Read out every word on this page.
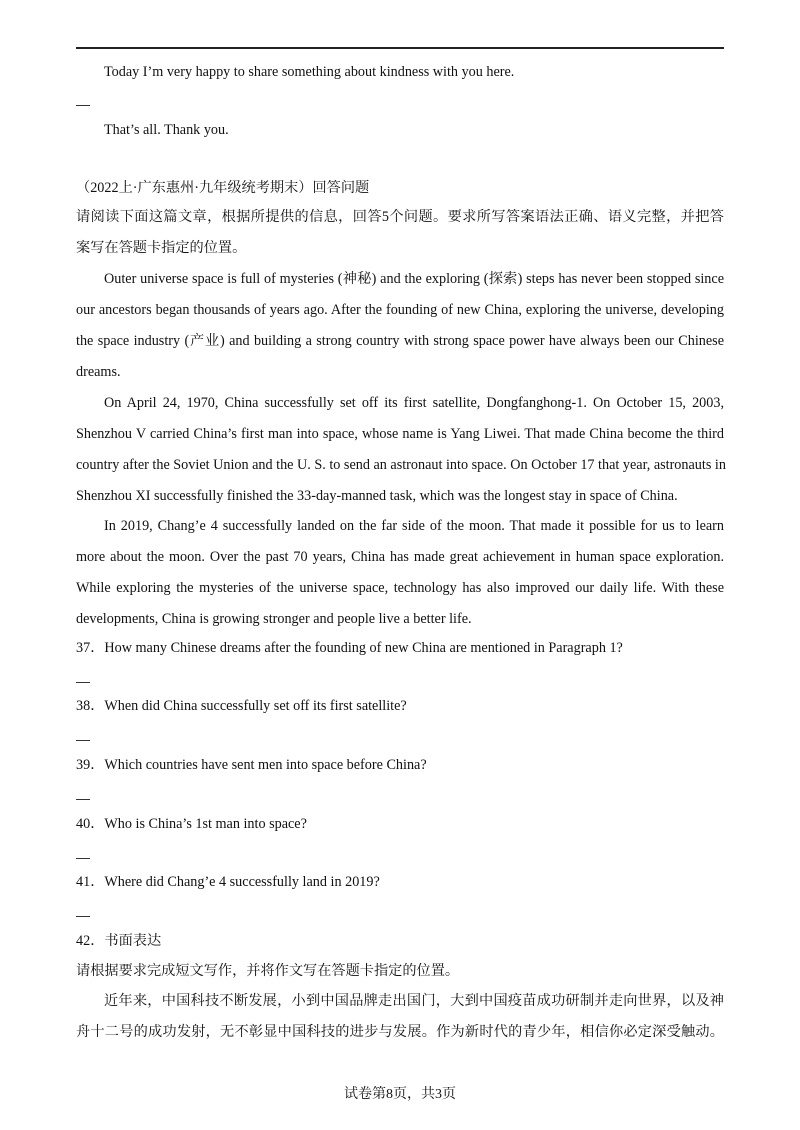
Today I’m very happy to share something about kindness with you here.
That’s all. Thank you.
（2022上·广东惠州·九年级统考期末）回答问题
请阅读下面这篇文章，根据所提供的信息，回答5个问题。要求所写答案语法正确、语义完整，并把答
案写在答题卡指定的位置。
Outer universe space is full of mysteries (神秘) and the exploring (探索) steps has never been stopped since
our ancestors began thousands of years ago. After the founding of new China, exploring the universe, developing
the space industry (产业) and building a strong country with strong space power have always been our Chinese
dreams.
On April 24, 1970, China successfully set off its first satellite, Dongfanghong-1. On October 15, 2003,
Shenzhou V carried China’s first man into space, whose name is Yang Liwei. That made China become the third
country after the Soviet Union and the U. S. to send an astronaut into space. On October 17 that year, astronauts in
Shenzhou XI successfully finished the 33-day-manned task, which was the longest stay in space of China.
In 2019, Chang’e 4 successfully landed on the far side of the moon. That made it possible for us to learn
more about the moon. Over the past 70 years, China has made great achievement in human space exploration.
While exploring the mysteries of the universe space, technology has also improved our daily life. With these
developments, China is growing stronger and people live a better life.
37．How many Chinese dreams after the founding of new China are mentioned in Paragraph 1?
38．When did China successfully set off its first satellite?
39．Which countries have sent men into space before China?
40．Who is China’s 1st man into space?
41．Where did Chang’e 4 successfully land in 2019?
42．书面表达
请根据要求完成短文写作，并将作文写在答题卡指定的位置。
近年来，中国科技不断发展，小到中国品牌走出国门，大到中国疫苗成功研制并走向世界，以及神
舟十二号的成功发射，无不彰显中国科技的进步与发展。作为新时代的青少年，相信你必定深受触动。
试卷第8页，共3页
